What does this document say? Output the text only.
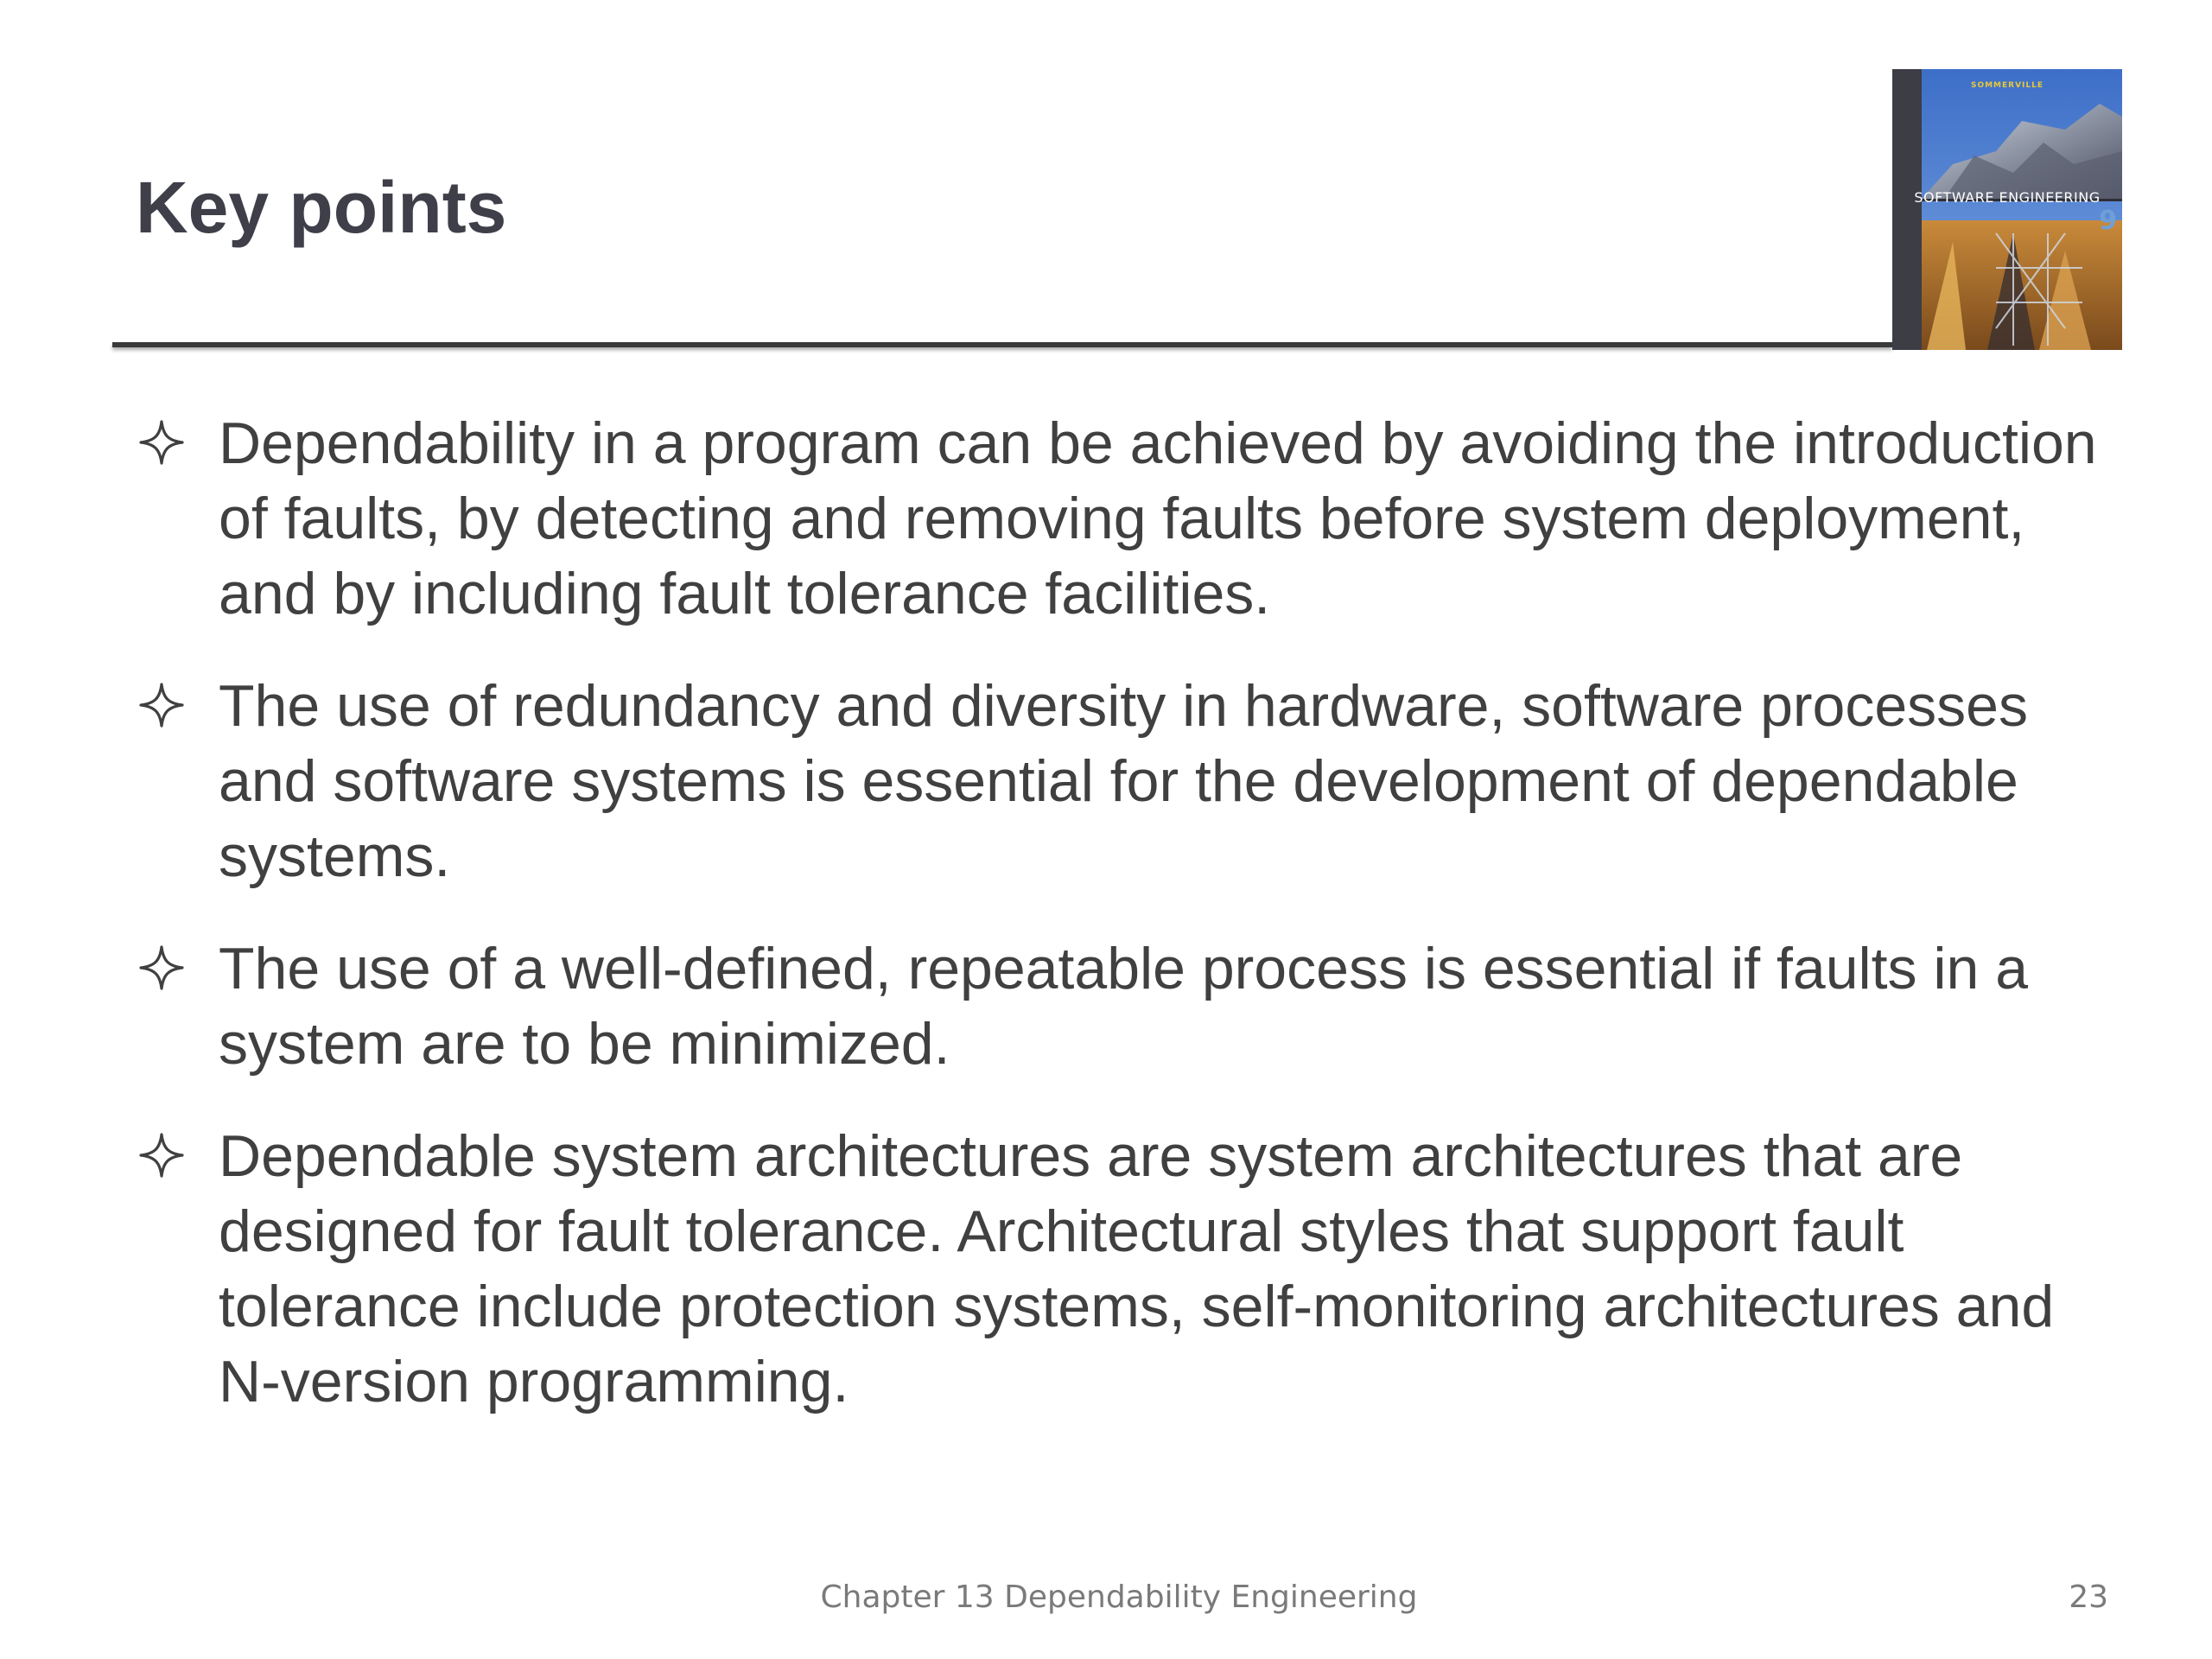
Key points
SOMMERVILLE
SOFTWARE ENGINEERING
9
Dependability in a program can be achieved by avoiding the introduction of faults, by detecting and removing faults before system deployment, and by including fault tolerance facilities.
The use of redundancy and diversity in hardware, software processes and software systems is essential for the development of dependable systems.
The use of a well-defined, repeatable process is essential if faults in a system are to be minimized.
Dependable system architectures are system architectures that are designed for fault tolerance. Architectural styles that support fault tolerance include protection systems, self-monitoring architectures and N-version programming.
Chapter 13 Dependability Engineering	23
